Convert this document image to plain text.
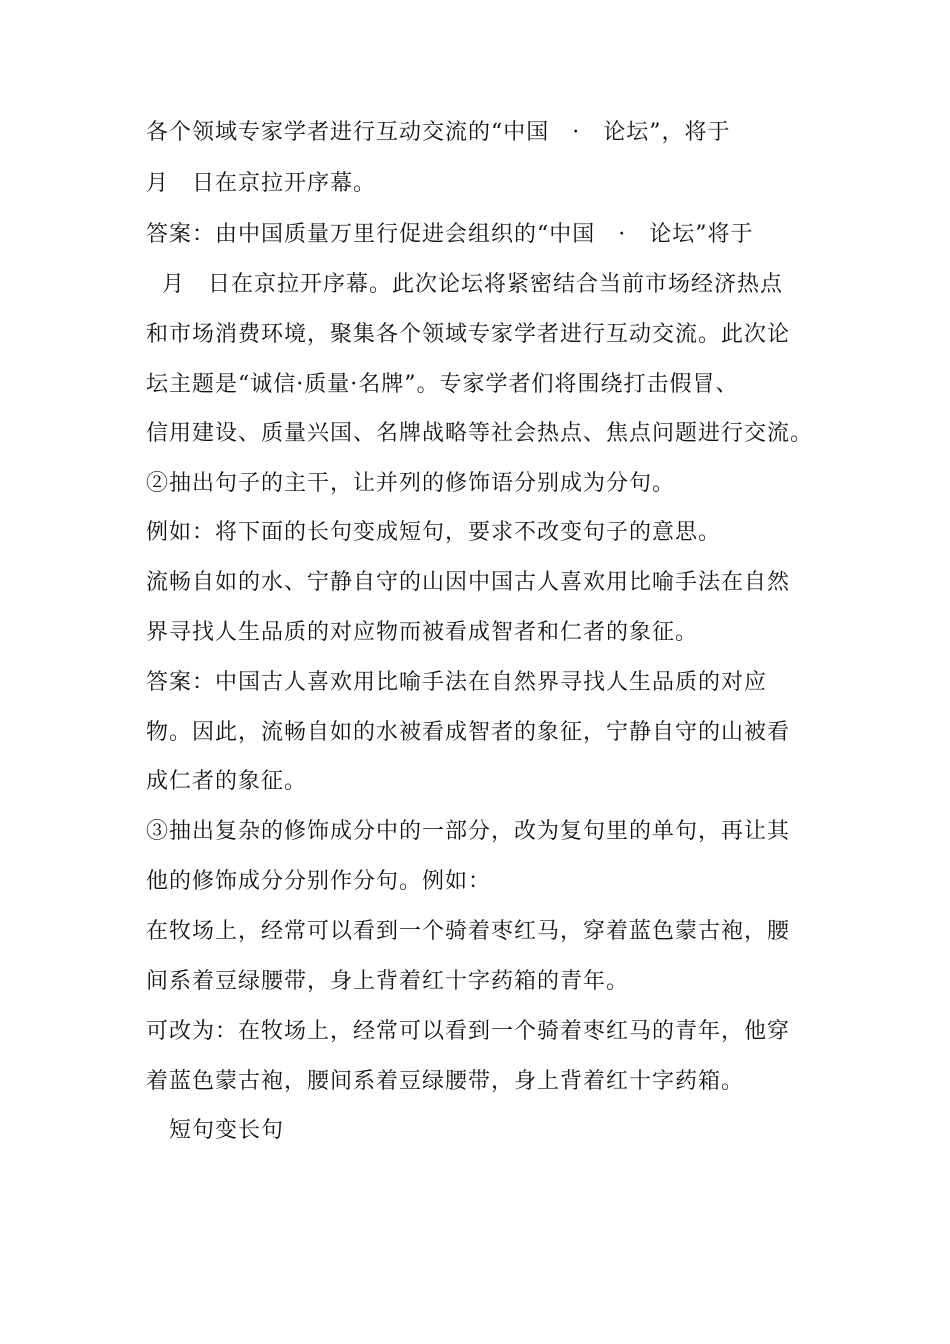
各个领域专家学者进行互动交流的“中国　·　论坛”，将于
月　日在京拉开序幕。
答案：由中国质量万里行促进会组织的“中国　·　论坛”将于
月　日在京拉开序幕。此次论坛将紧密结合当前市场经济热点
和市场消费环境，聚集各个领域专家学者进行互动交流。此次论
坛主题是“诚信·质量·名牌”。专家学者们将围绕打击假冒、
信用建设、质量兴国、名牌战略等社会热点、焦点问题进行交流。
②抽出句子的主干，让并列的修饰语分别成为分句。
例如：将下面的长句变成短句，要求不改变句子的意思。
流畅自如的水、宁静自守的山因中国古人喜欢用比喻手法在自然
界寻找人生品质的对应物而被看成智者和仁者的象征。
答案：中国古人喜欢用比喻手法在自然界寻找人生品质的对应
物。因此，流畅自如的水被看成智者的象征，宁静自守的山被看
成仁者的象征。
③抽出复杂的修饰成分中的一部分，改为复句里的单句，再让其
他的修饰成分分别作分句。例如：
在牧场上，经常可以看到一个骑着枣红马，穿着蓝色蒙古袍，腰
间系着豆绿腰带，身上背着红十字药箱的青年。
可改为：在牧场上，经常可以看到一个骑着枣红马的青年，他穿
着蓝色蒙古袍，腰间系着豆绿腰带，身上背着红十字药箱。
　短句变长句
